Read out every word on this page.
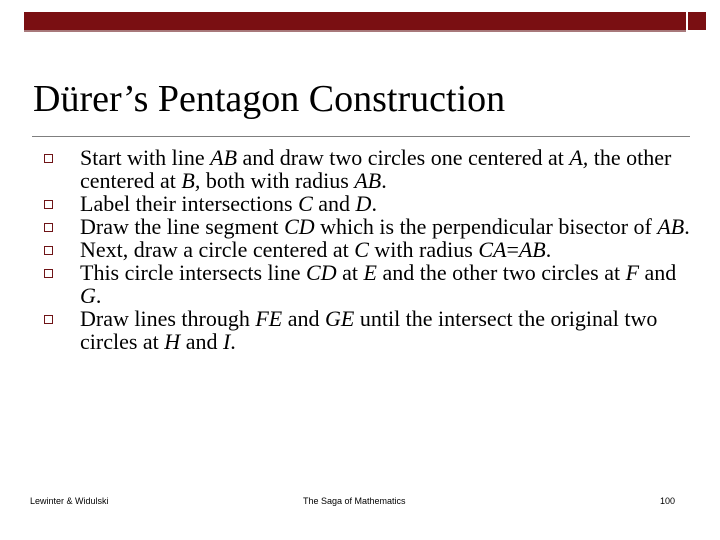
Dürer’s Pentagon Construction
Start with line AB and draw two circles one centered at A, the other centered at B, both with radius AB.
Label their intersections C and D.
Draw the line segment CD which is the perpendicular bisector of AB.
Next, draw a circle centered at C with radius CA=AB.
This circle intersects line CD at E and the other two circles at F and G.
Draw lines through FE and GE until the intersect the original two circles at H and I.
Lewinter & Widulski	The Saga of Mathematics	100
